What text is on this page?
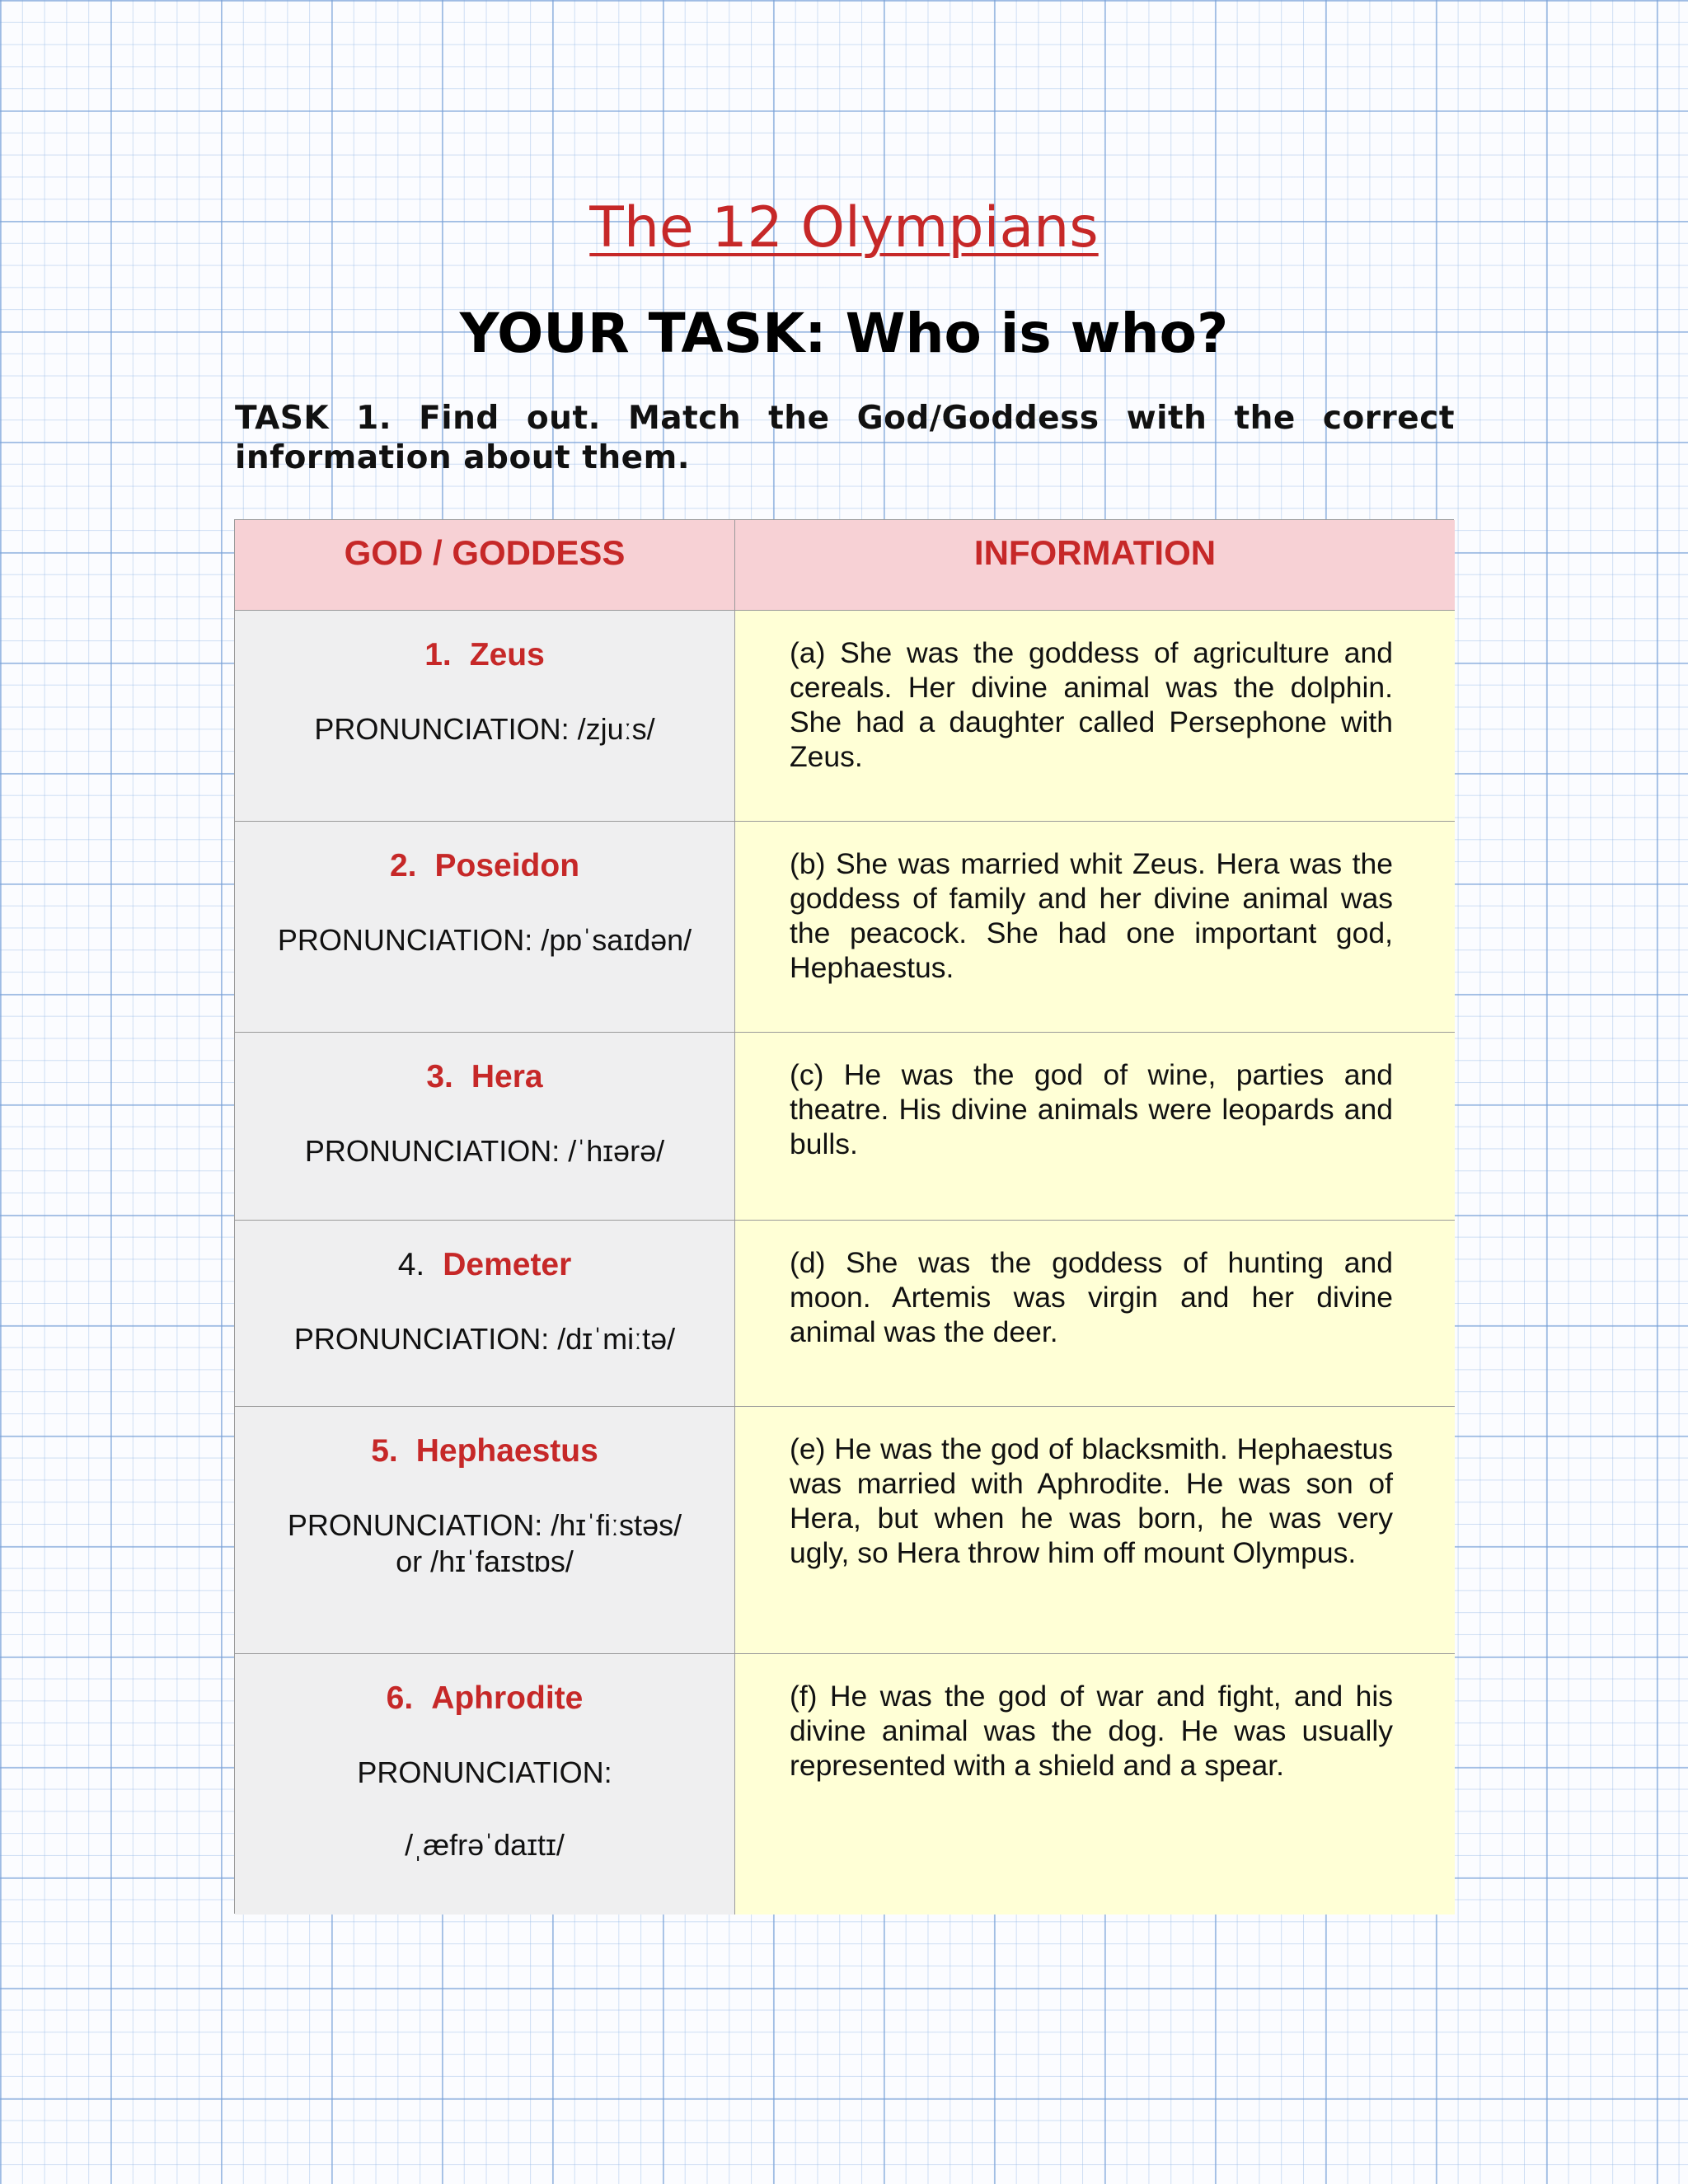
The 12 Olympians
YOUR TASK: Who is who?
TASK 1. Find out. Match the God/Goddess with the correct information about them.
GOD / GODDESS	INFORMATION
1. Zeus
PRONUNCIATION: /zjuːs/
(a) She was the goddess of agriculture and cereals. Her divine animal was the dolphin. She had a daughter called Persephone with Zeus.
2. Poseidon
PRONUNCIATION: /pɒˈsaɪdən/
(b) She was married whit Zeus. Hera was the goddess of family and her divine animal was the peacock. She had one important god, Hephaestus.
3. Hera
PRONUNCIATION: /ˈhɪərə/
(c) He was the god of wine, parties and theatre. His divine animals were leopards and bulls.
4. Demeter
PRONUNCIATION: /dɪˈmiːtə/
(d) She was the goddess of hunting and moon. Artemis was virgin and her divine animal was the deer.
5. Hephaestus
PRONUNCIATION: /hɪˈfiːstəs/
or /hɪˈfaɪstɒs/
(e) He was the god of blacksmith. Hephaestus was married with Aphrodite. He was son of Hera, but when he was born, he was very ugly, so Hera throw him off mount Olympus.
6. Aphrodite
PRONUNCIATION:
/ˌæfrəˈdaɪtɪ/
(f) He was the god of war and fight, and his divine animal was the dog. He was usually represented with a shield and a spear.
